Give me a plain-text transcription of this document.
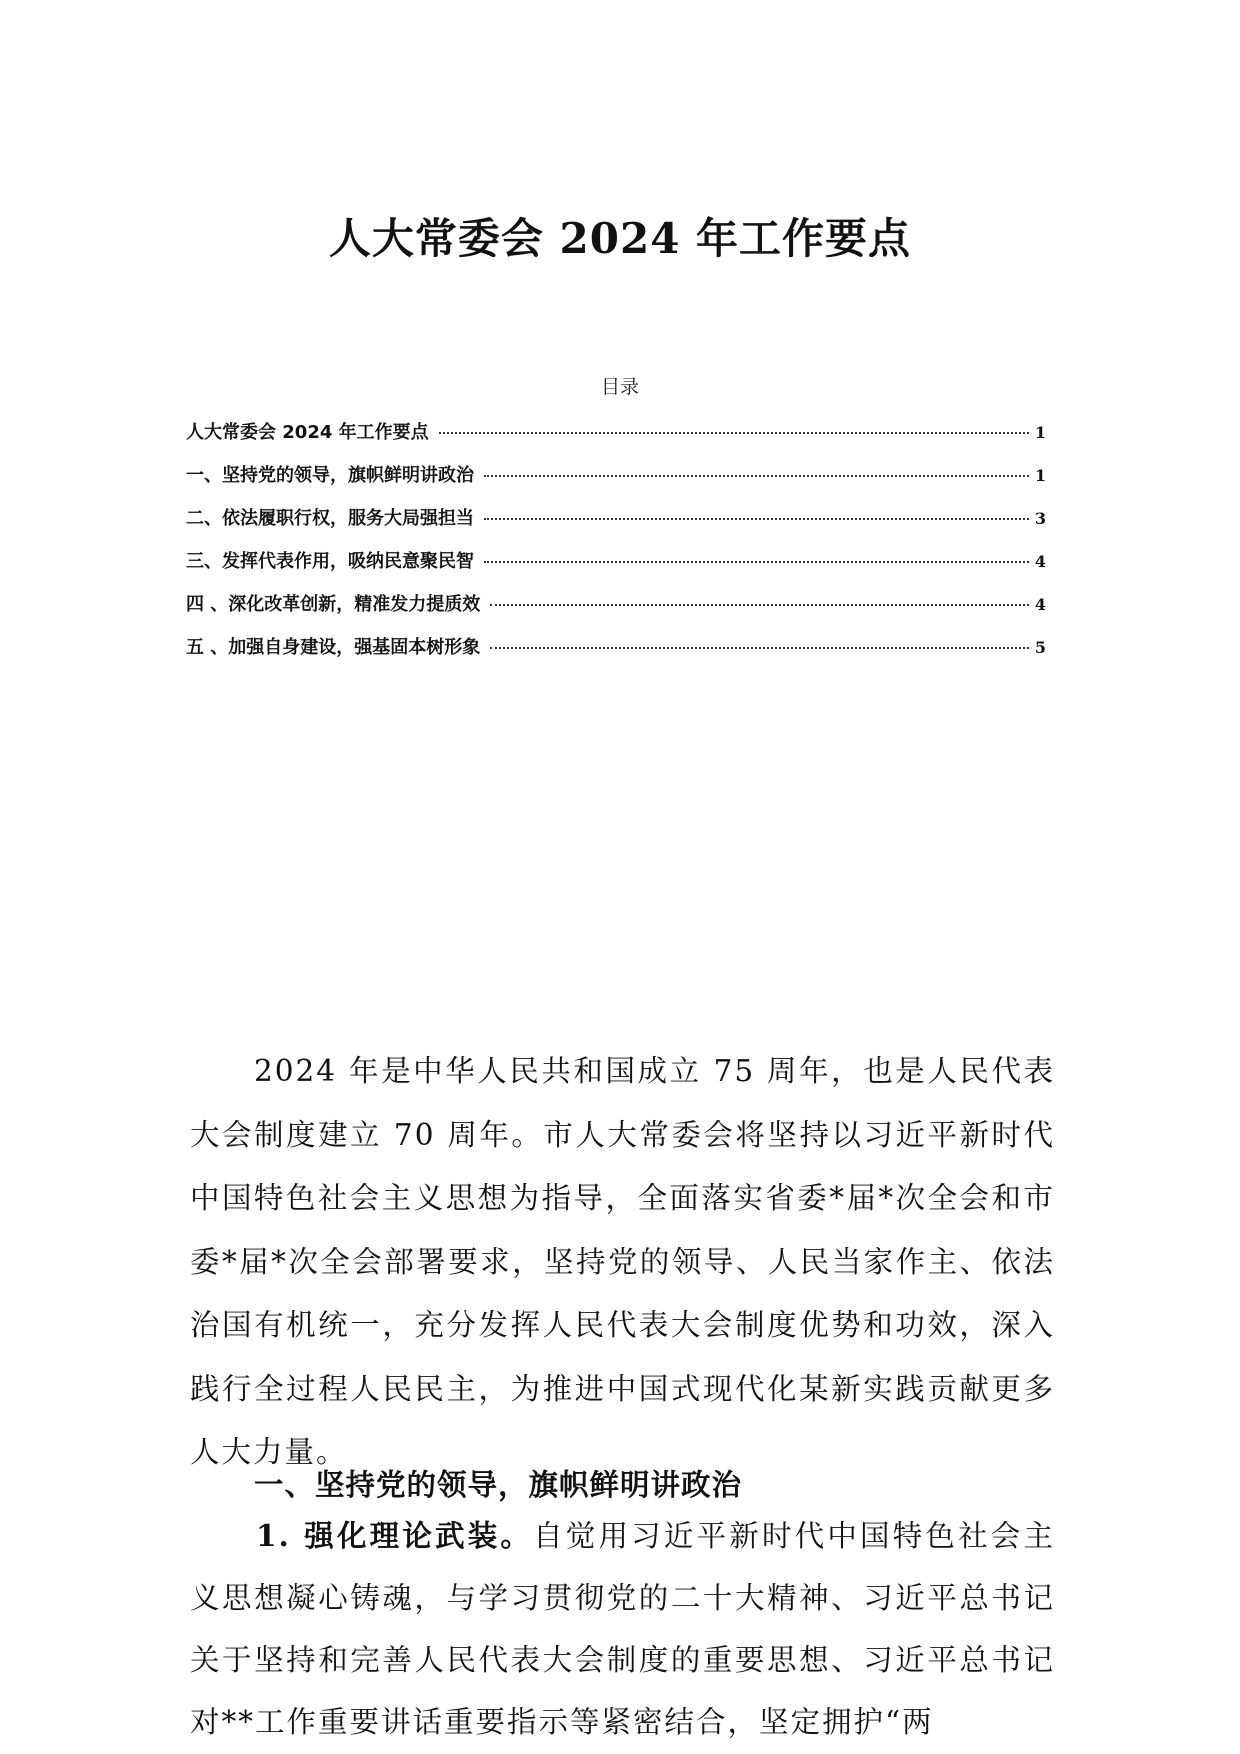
人大常委会 2024 年工作要点
目录
人大常委会 2024 年工作要点	1
一、坚持党的领导，旗帜鲜明讲政治	1
二、依法履职行权，服务大局强担当	3
三、发挥代表作用，吸纳民意聚民智	4
四 、深化改革创新，精准发力提质效	4
五 、加强自身建设，强基固本树形象	5

2024 年是中华人民共和国成立 75 周年，也是人民代表大会制度建立 70 周年。市人大常委会将坚持以习近平新时代中国特色社会主义思想为指导，全面落实省委*届*次全会和市委*届*次全会部署要求，坚持党的领导、人民当家作主、依法治国有机统一，充分发挥人民代表大会制度优势和功效，深入践行全过程人民民主，为推进中国式现代化某新实践贡献更多人大力量。

一、坚持党的领导，旗帜鲜明讲政治

1. 强化理论武装。自觉用习近平新时代中国特色社会主义思想凝心铸魂，与学习贯彻党的二十大精神、习近平总书记关于坚持和完善人民代表大会制度的重要思想、习近平总书记对**工作重要讲话重要指示等紧密结合，坚定拥护“两
